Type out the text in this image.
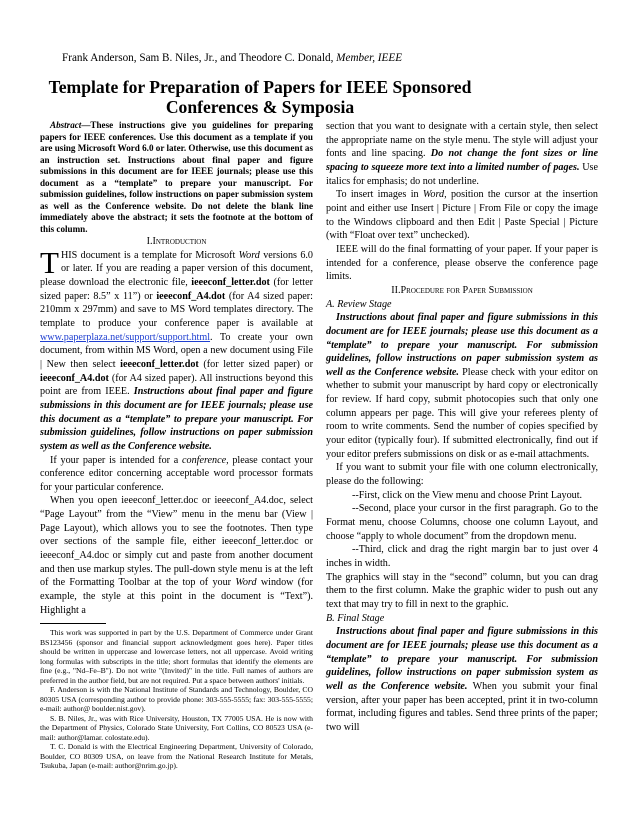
Frank Anderson, Sam B. Niles, Jr., and Theodore C. Donald, Member, IEEE
Template for Preparation of Papers for IEEE Sponsored Conferences & Symposia

Abstract—These instructions give you guidelines for preparing papers for IEEE conferences. Use this document as a template if you are using Microsoft Word 6.0 or later. Otherwise, use this document as an instruction set. Instructions about final paper and figure submissions in this document are for IEEE journals; please use this document as a “template” to prepare your manuscript. For submission guidelines, follow instructions on paper submission system as well as the Conference website. Do not delete the blank line immediately above the abstract; it sets the footnote at the bottom of this column.

I.Introduction

THIS document is a template for Microsoft Word versions 6.0 or later. If you are reading a paper version of this document, please download the electronic file, ieeeconf_letter.dot (for letter sized paper: 8.5” x 11”) or ieeeconf_A4.dot (for A4 sized paper: 210mm x 297mm) and save to MS Word templates directory. The template to produce your conference paper is available at www.paperplaza.net/support/support.html. To create your own document, from within MS Word, open a new document using File | New then select ieeeconf_letter.dot (for letter sized paper) or ieeeconf_A4.dot (for A4 sized paper). All instructions beyond this point are from IEEE. Instructions about final paper and figure submissions in this document are for IEEE journals; please use this document as a “template” to prepare your manuscript. For submission guidelines, follow instructions on paper submission system as well as the Conference website.

If your paper is intended for a conference, please contact your conference editor concerning acceptable word processor formats for your particular conference.

When you open ieeeconf_letter.doc or ieeeconf_A4.doc, select “Page Layout” from the “View” menu in the menu bar (View | Page Layout), which allows you to see the footnotes. Then type over sections of the sample file, either ieeeconf_letter.doc or ieeeconf_A4.doc or simply cut and paste from another document and then use markup styles. The pull-down style menu is at the left of the Formatting Toolbar at the top of your Word window (for example, the style at this point in the document is “Text”). Highlight a

This work was supported in part by the U.S. Department of Commerce under Grant BS123456 (sponsor and financial support acknowledgment goes here). Paper titles should be written in uppercase and lowercase letters, not all uppercase. Avoid writing long formulas with subscripts in the title; short formulas that identify the elements are fine (e.g., "Nd–Fe–B"). Do not write "(Invited)" in the title. Full names of authors are preferred in the author field, but are not required. Put a space between authors' initials.

F. Anderson is with the National Institute of Standards and Technology, Boulder, CO 80305 USA (corresponding author to provide phone: 303-555-5555; fax: 303-555-5555; e-mail: author@ boulder.nist.gov).

S. B. Niles, Jr., was with Rice University, Houston, TX 77005 USA. He is now with the Department of Physics, Colorado State University, Fort Collins, CO 80523 USA (e-mail: author@lamar. colostate.edu).

T. C. Donald is with the Electrical Engineering Department, University of Colorado, Boulder, CO 80309 USA, on leave from the National Research Institute for Metals, Tsukuba, Japan (e-mail: author@nrim.go.jp).

section that you want to designate with a certain style, then select the appropriate name on the style menu. The style will adjust your fonts and line spacing. Do not change the font sizes or line spacing to squeeze more text into a limited number of pages. Use italics for emphasis; do not underline.

To insert images in Word, position the cursor at the insertion point and either use Insert | Picture | From File or copy the image to the Windows clipboard and then Edit | Paste Special | Picture (with “Float over text” unchecked).

IEEE will do the final formatting of your paper. If your paper is intended for a conference, please observe the conference page limits.

II.Procedure for Paper Submission

A. Review Stage

Instructions about final paper and figure submissions in this document are for IEEE journals; please use this document as a “template” to prepare your manuscript. For submission guidelines, follow instructions on paper submission system as well as the Conference website. Please check with your editor on whether to submit your manuscript by hard copy or electronically for review. If hard copy, submit photocopies such that only one column appears per page. This will give your referees plenty of room to write comments. Send the number of copies specified by your editor (typically four). If submitted electronically, find out if your editor prefers submissions on disk or as e-mail attachments.

If you want to submit your file with one column electronically, please do the following:

--First, click on the View menu and choose Print Layout.

--Second, place your cursor in the first paragraph. Go to the Format menu, choose Columns, choose one column Layout, and choose “apply to whole document” from the dropdown menu.

--Third, click and drag the right margin bar to just over 4 inches in width.

The graphics will stay in the “second” column, but you can drag them to the first column. Make the graphic wider to push out any text that may try to fill in next to the graphic.

B. Final Stage

Instructions about final paper and figure submissions in this document are for IEEE journals; please use this document as a “template” to prepare your manuscript. For submission guidelines, follow instructions on paper submission system as well as the Conference website. When you submit your final version, after your paper has been accepted, print it in two-column format, including figures and tables. Send three prints of the paper; two will
